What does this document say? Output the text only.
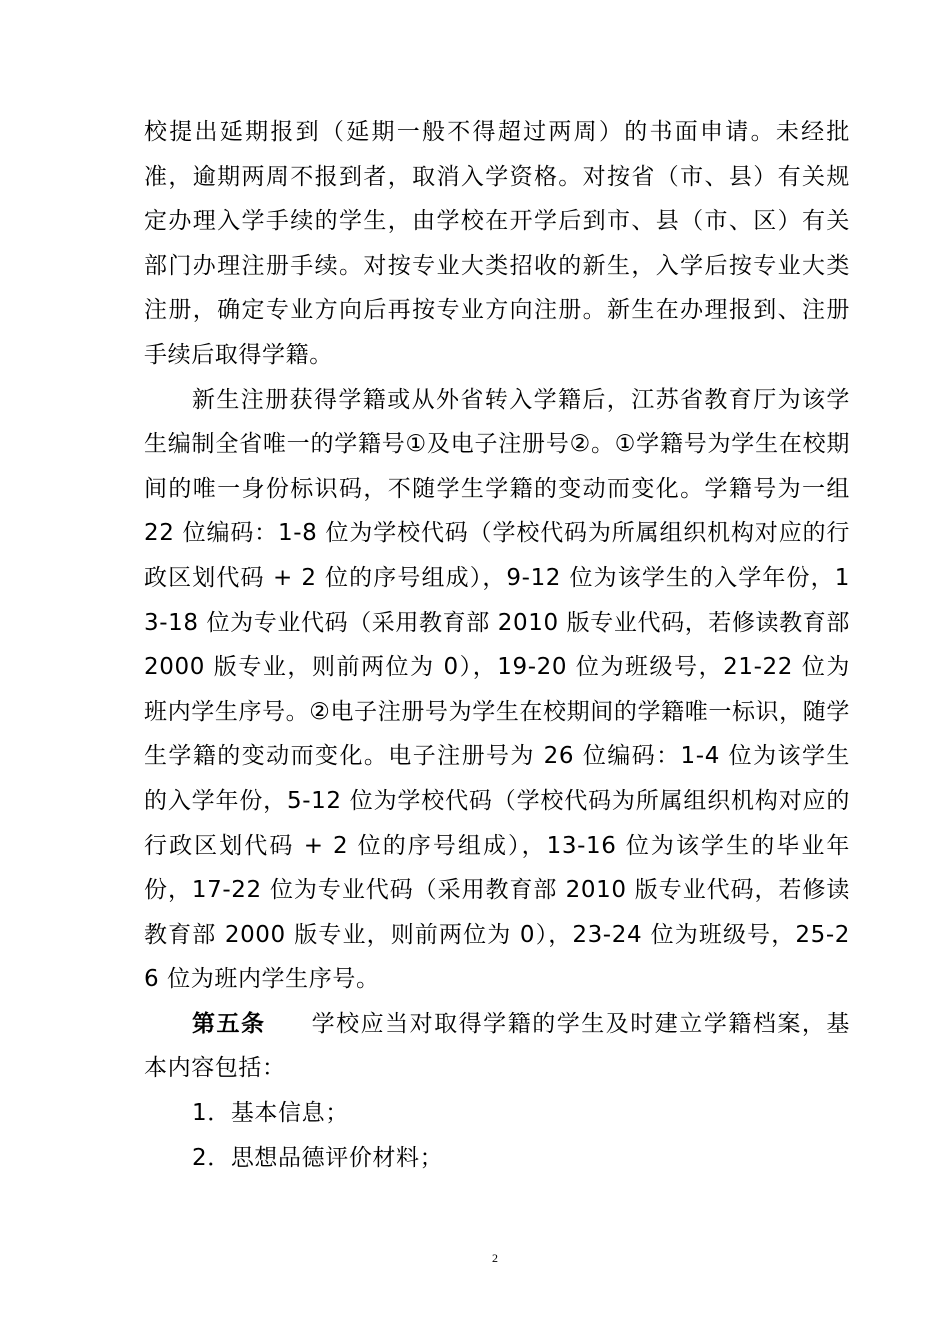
校提出延期报到（延期一般不得超过两周）的书面申请。未经批准，逾期两周不报到者，取消入学资格。对按省（市、县）有关规定办理入学手续的学生，由学校在开学后到市、县（市、区）有关部门办理注册手续。对按专业大类招收的新生，入学后按专业大类注册，确定专业方向后再按专业方向注册。新生在办理报到、注册手续后取得学籍。

新生注册获得学籍或从外省转入学籍后，江苏省教育厅为该学生编制全省唯一的学籍号①及电子注册号②。①学籍号为学生在校期间的唯一身份标识码，不随学生学籍的变动而变化。学籍号为一组 22 位编码：1-8 位为学校代码（学校代码为所属组织机构对应的行政区划代码 + 2 位的序号组成），9-12 位为该学生的入学年份，13-18 位为专业代码（采用教育部 2010 版专业代码，若修读教育部 2000 版专业，则前两位为 0），19-20 位为班级号，21-22 位为班内学生序号。②电子注册号为学生在校期间的学籍唯一标识，随学生学籍的变动而变化。电子注册号为 26 位编码：1-4 位为该学生的入学年份，5-12 位为学校代码（学校代码为所属组织机构对应的行政区划代码 + 2 位的序号组成），13-16 位为该学生的毕业年份，17-22 位为专业代码（采用教育部 2010 版专业代码，若修读教育部 2000 版专业，则前两位为 0），23-24 位为班级号，25-26 位为班内学生序号。

第五条 学校应当对取得学籍的学生及时建立学籍档案，基本内容包括：

1．基本信息；

2．思想品德评价材料；

2
